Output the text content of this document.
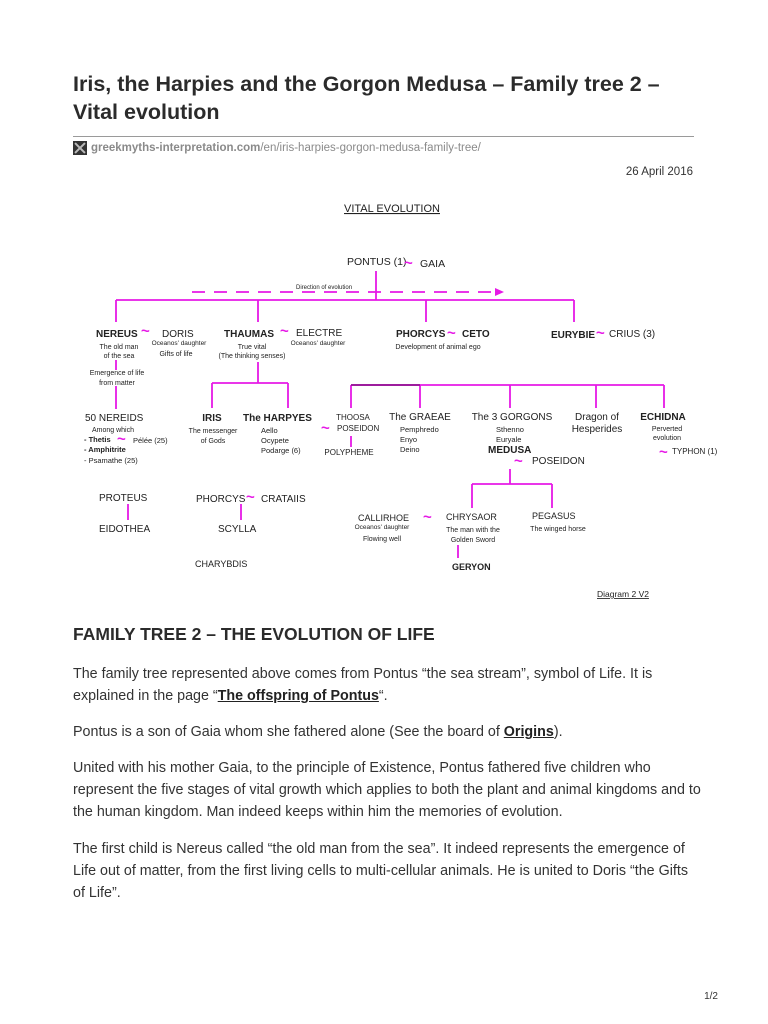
Iris, the Harpies and the Gorgon Medusa – Family tree 2 – Vital evolution
greekmyths-interpretation.com /en/iris-harpies-gorgon-medusa-family-tree/
26 April 2016
VITAL EVOLUTION
PONTUS (1) GAIA
Direction of evolution
NEREUS
The old man
of the sea
DORIS
Oceanos' daughter
Gifts of life
Emergence of life
from matter
THAUMAS
True vital
(The thinking senses)
ELECTRE
Oceanos' daughter
PHORCYS CETO
Development of animal ego
EURYBIE CRIUS (3)
50 NEREIDS
Among which
- Thetis	Pélée (25)
- Amphitrite
- Psamathe (25)
IRIS
The messenger
of Gods
The HARPYES
Aello
Ocypete
Podarge (6)
THOOSA
POSEIDON
POLYPHEME
The GRAEAE
Pemphredo
Enyo
Deino
The 3 GORGONS
Sthenno
Euryale
MEDUSA
POSEIDON
Dragon of
Hesperides
ECHIDNA
Perverted
evolution
TYPHON (1)
PROTEUS
EIDOTHEA
PHORCYS CRATAIIS
SCYLLA
CHARYBDIS
CALLIRHOE
Oceanos' daughter
Flowing well
CHRYSAOR
The man with the
Golden Sword
PEGASUS
The winged horse
GERYON
Diagram 2 V2
~
~	~	~	~
~
~
~
~
~
~
FAMILY TREE 2 – THE EVOLUTION OF LIFE

The family tree represented above comes from Pontus “the sea stream”, symbol of Life. It is explained in the page “The offspring of Pontus“.

Pontus is a son of Gaia whom she fathered alone (See the board of Origins).

United with his mother Gaia, to the principle of Existence, Pontus fathered five children who represent the five stages of vital growth which applies to both the plant and animal kingdoms and to the human kingdom. Man indeed keeps within him the memories of evolution.

The first child is Nereus called “the old man from the sea”. It indeed represents the emergence of Life out of matter, from the first living cells to multi-cellular animals. He is united to Doris “the Gifts of Life”.

1/2
